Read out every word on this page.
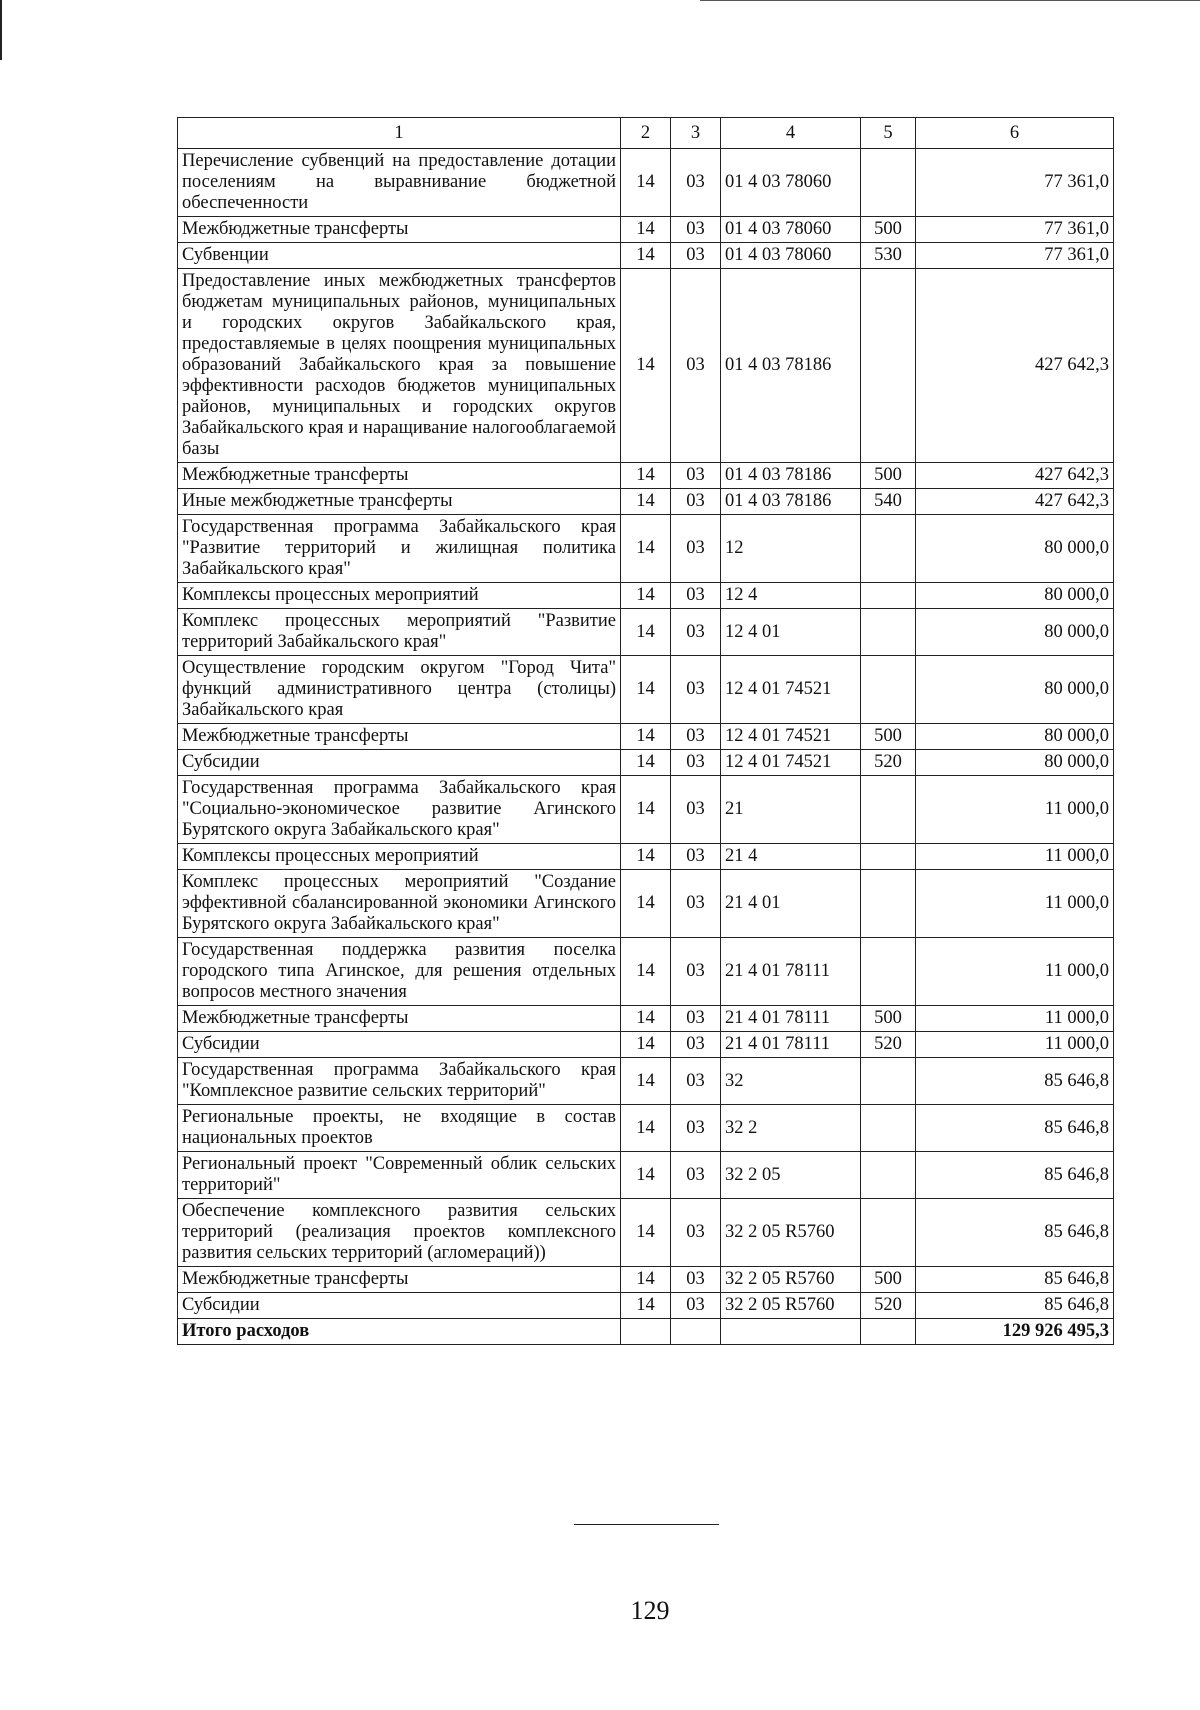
1	2	3	4	5	6
Перечисление субвенций на предоставление дотации поселениям на выравнивание бюджетной обеспеченности	14	03	01 4 03 78060		77 361,0
Межбюджетные трансферты	14	03	01 4 03 78060	500	77 361,0
Субвенции	14	03	01 4 03 78060	530	77 361,0
Предоставление иных межбюджетных трансфертов бюджетам муниципальных районов, муниципальных и городских округов Забайкальского края, предоставляемые в целях поощрения муниципальных образований Забайкальского края за повышение эффективности расходов бюджетов муниципальных районов, муниципальных и городских округов Забайкальского края и наращивание налогооблагаемой базы	14	03	01 4 03 78186		427 642,3
Межбюджетные трансферты	14	03	01 4 03 78186	500	427 642,3
Иные межбюджетные трансферты	14	03	01 4 03 78186	540	427 642,3
Государственная программа Забайкальского края "Развитие территорий и жилищная политика Забайкальского края"	14	03	12		80 000,0
Комплексы процессных мероприятий	14	03	12 4		80 000,0
Комплекс процессных мероприятий "Развитие территорий Забайкальского края"	14	03	12 4 01		80 000,0
Осуществление городским округом "Город Чита" функций административного центра (столицы) Забайкальского края	14	03	12 4 01 74521		80 000,0
Межбюджетные трансферты	14	03	12 4 01 74521	500	80 000,0
Субсидии	14	03	12 4 01 74521	520	80 000,0
Государственная программа Забайкальского края "Социально-экономическое развитие Агинского Бурятского округа Забайкальского края"	14	03	21		11 000,0
Комплексы процессных мероприятий	14	03	21 4		11 000,0
Комплекс процессных мероприятий "Создание эффективной сбалансированной экономики Агинского Бурятского округа Забайкальского края"	14	03	21 4 01		11 000,0
Государственная поддержка развития поселка городского типа Агинское, для решения отдельных вопросов местного значения	14	03	21 4 01 78111		11 000,0
Межбюджетные трансферты	14	03	21 4 01 78111	500	11 000,0
Субсидии	14	03	21 4 01 78111	520	11 000,0
Государственная программа Забайкальского края "Комплексное развитие сельских территорий"	14	03	32		85 646,8
Региональные проекты, не входящие в состав национальных проектов	14	03	32 2		85 646,8
Региональный проект "Современный облик сельских территорий"	14	03	32 2 05		85 646,8
Обеспечение комплексного развития сельских территорий (реализация проектов комплексного развития сельских территорий (агломераций))	14	03	32 2 05 R5760		85 646,8
Межбюджетные трансферты	14	03	32 2 05 R5760	500	85 646,8
Субсидии	14	03	32 2 05 R5760	520	85 646,8
Итого расходов					129 926 495,3
129
